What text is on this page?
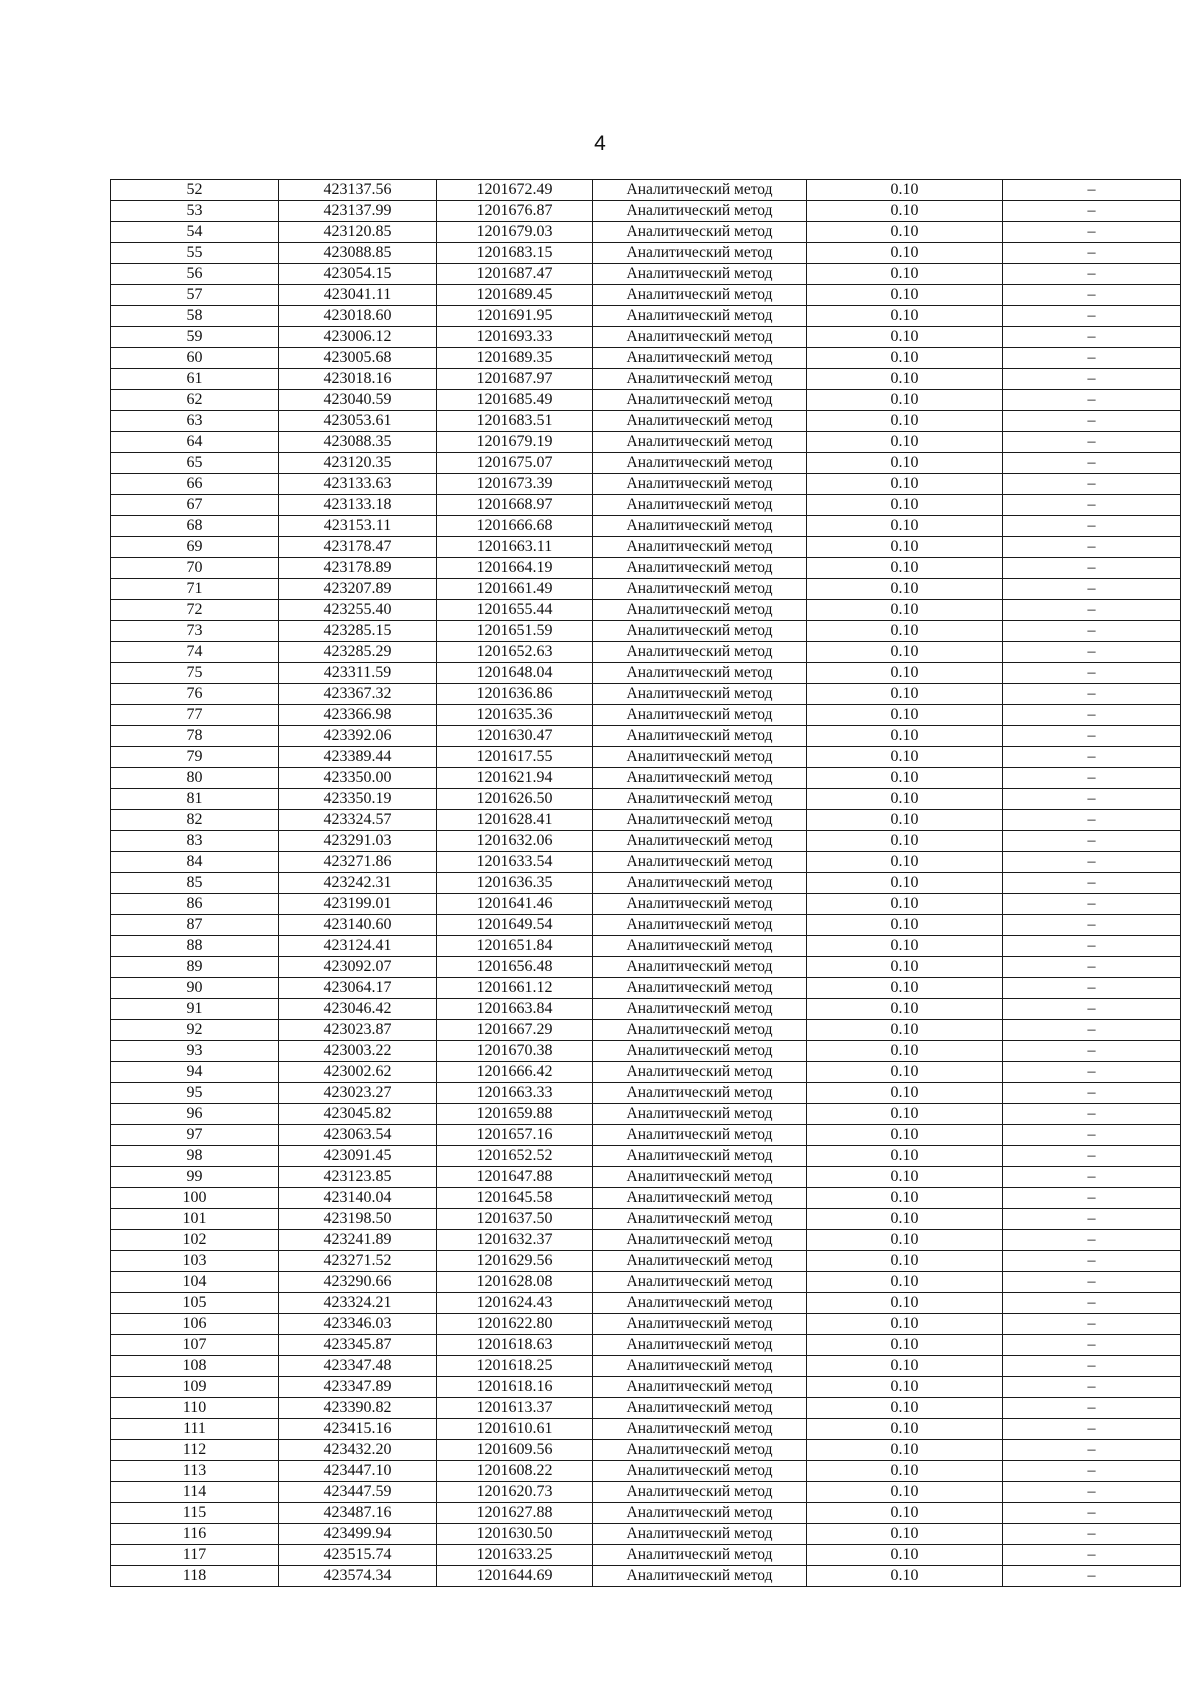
4
52	423137.56	1201672.49	Аналитический метод	0.10	–
53	423137.99	1201676.87	Аналитический метод	0.10	–
54	423120.85	1201679.03	Аналитический метод	0.10	–
55	423088.85	1201683.15	Аналитический метод	0.10	–
56	423054.15	1201687.47	Аналитический метод	0.10	–
57	423041.11	1201689.45	Аналитический метод	0.10	–
58	423018.60	1201691.95	Аналитический метод	0.10	–
59	423006.12	1201693.33	Аналитический метод	0.10	–
60	423005.68	1201689.35	Аналитический метод	0.10	–
61	423018.16	1201687.97	Аналитический метод	0.10	–
62	423040.59	1201685.49	Аналитический метод	0.10	–
63	423053.61	1201683.51	Аналитический метод	0.10	–
64	423088.35	1201679.19	Аналитический метод	0.10	–
65	423120.35	1201675.07	Аналитический метод	0.10	–
66	423133.63	1201673.39	Аналитический метод	0.10	–
67	423133.18	1201668.97	Аналитический метод	0.10	–
68	423153.11	1201666.68	Аналитический метод	0.10	–
69	423178.47	1201663.11	Аналитический метод	0.10	–
70	423178.89	1201664.19	Аналитический метод	0.10	–
71	423207.89	1201661.49	Аналитический метод	0.10	–
72	423255.40	1201655.44	Аналитический метод	0.10	–
73	423285.15	1201651.59	Аналитический метод	0.10	–
74	423285.29	1201652.63	Аналитический метод	0.10	–
75	423311.59	1201648.04	Аналитический метод	0.10	–
76	423367.32	1201636.86	Аналитический метод	0.10	–
77	423366.98	1201635.36	Аналитический метод	0.10	–
78	423392.06	1201630.47	Аналитический метод	0.10	–
79	423389.44	1201617.55	Аналитический метод	0.10	–
80	423350.00	1201621.94	Аналитический метод	0.10	–
81	423350.19	1201626.50	Аналитический метод	0.10	–
82	423324.57	1201628.41	Аналитический метод	0.10	–
83	423291.03	1201632.06	Аналитический метод	0.10	–
84	423271.86	1201633.54	Аналитический метод	0.10	–
85	423242.31	1201636.35	Аналитический метод	0.10	–
86	423199.01	1201641.46	Аналитический метод	0.10	–
87	423140.60	1201649.54	Аналитический метод	0.10	–
88	423124.41	1201651.84	Аналитический метод	0.10	–
89	423092.07	1201656.48	Аналитический метод	0.10	–
90	423064.17	1201661.12	Аналитический метод	0.10	–
91	423046.42	1201663.84	Аналитический метод	0.10	–
92	423023.87	1201667.29	Аналитический метод	0.10	–
93	423003.22	1201670.38	Аналитический метод	0.10	–
94	423002.62	1201666.42	Аналитический метод	0.10	–
95	423023.27	1201663.33	Аналитический метод	0.10	–
96	423045.82	1201659.88	Аналитический метод	0.10	–
97	423063.54	1201657.16	Аналитический метод	0.10	–
98	423091.45	1201652.52	Аналитический метод	0.10	–
99	423123.85	1201647.88	Аналитический метод	0.10	–
100	423140.04	1201645.58	Аналитический метод	0.10	–
101	423198.50	1201637.50	Аналитический метод	0.10	–
102	423241.89	1201632.37	Аналитический метод	0.10	–
103	423271.52	1201629.56	Аналитический метод	0.10	–
104	423290.66	1201628.08	Аналитический метод	0.10	–
105	423324.21	1201624.43	Аналитический метод	0.10	–
106	423346.03	1201622.80	Аналитический метод	0.10	–
107	423345.87	1201618.63	Аналитический метод	0.10	–
108	423347.48	1201618.25	Аналитический метод	0.10	–
109	423347.89	1201618.16	Аналитический метод	0.10	–
110	423390.82	1201613.37	Аналитический метод	0.10	–
111	423415.16	1201610.61	Аналитический метод	0.10	–
112	423432.20	1201609.56	Аналитический метод	0.10	–
113	423447.10	1201608.22	Аналитический метод	0.10	–
114	423447.59	1201620.73	Аналитический метод	0.10	–
115	423487.16	1201627.88	Аналитический метод	0.10	–
116	423499.94	1201630.50	Аналитический метод	0.10	–
117	423515.74	1201633.25	Аналитический метод	0.10	–
118	423574.34	1201644.69	Аналитический метод	0.10	–
